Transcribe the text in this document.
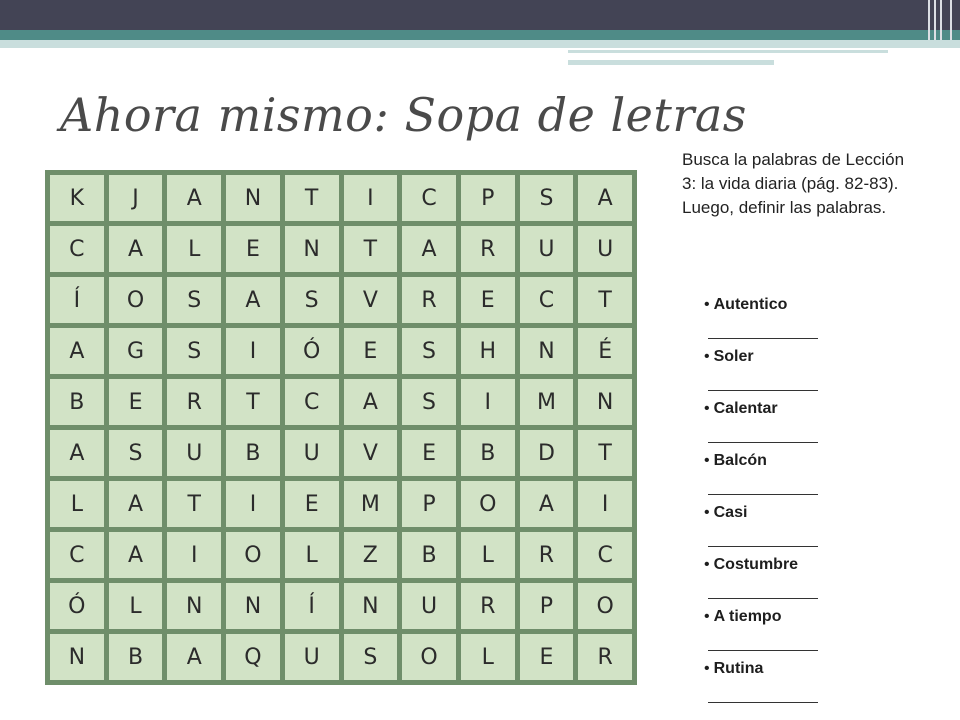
Ahora mismo: Sopa de letras
Busca la palabras de Lección 3: la vida diaria (pág. 82-83). Luego, definir las palabras.
K	J	A	N	T	I	C	P	S	A
C	A	L	E	N	T	A	R	U	U
Í	O	S	A	S	V	R	E	C	T
A	G	S	I	Ó	E	S	H	N	É
B	E	R	T	C	A	S	I	M	N
A	S	U	B	U	V	E	B	D	T
L	A	T	I	E	M	P	O	A	I
C	A	I	O	L	Z	B	L	R	C
Ó	L	N	N	Í	N	U	R	P	O
N	B	A	Q	U	S	O	L	E	R
• Autentico
• Soler
• Calentar
• Balcón
• Casi
• Costumbre
• A tiempo
• Rutina
